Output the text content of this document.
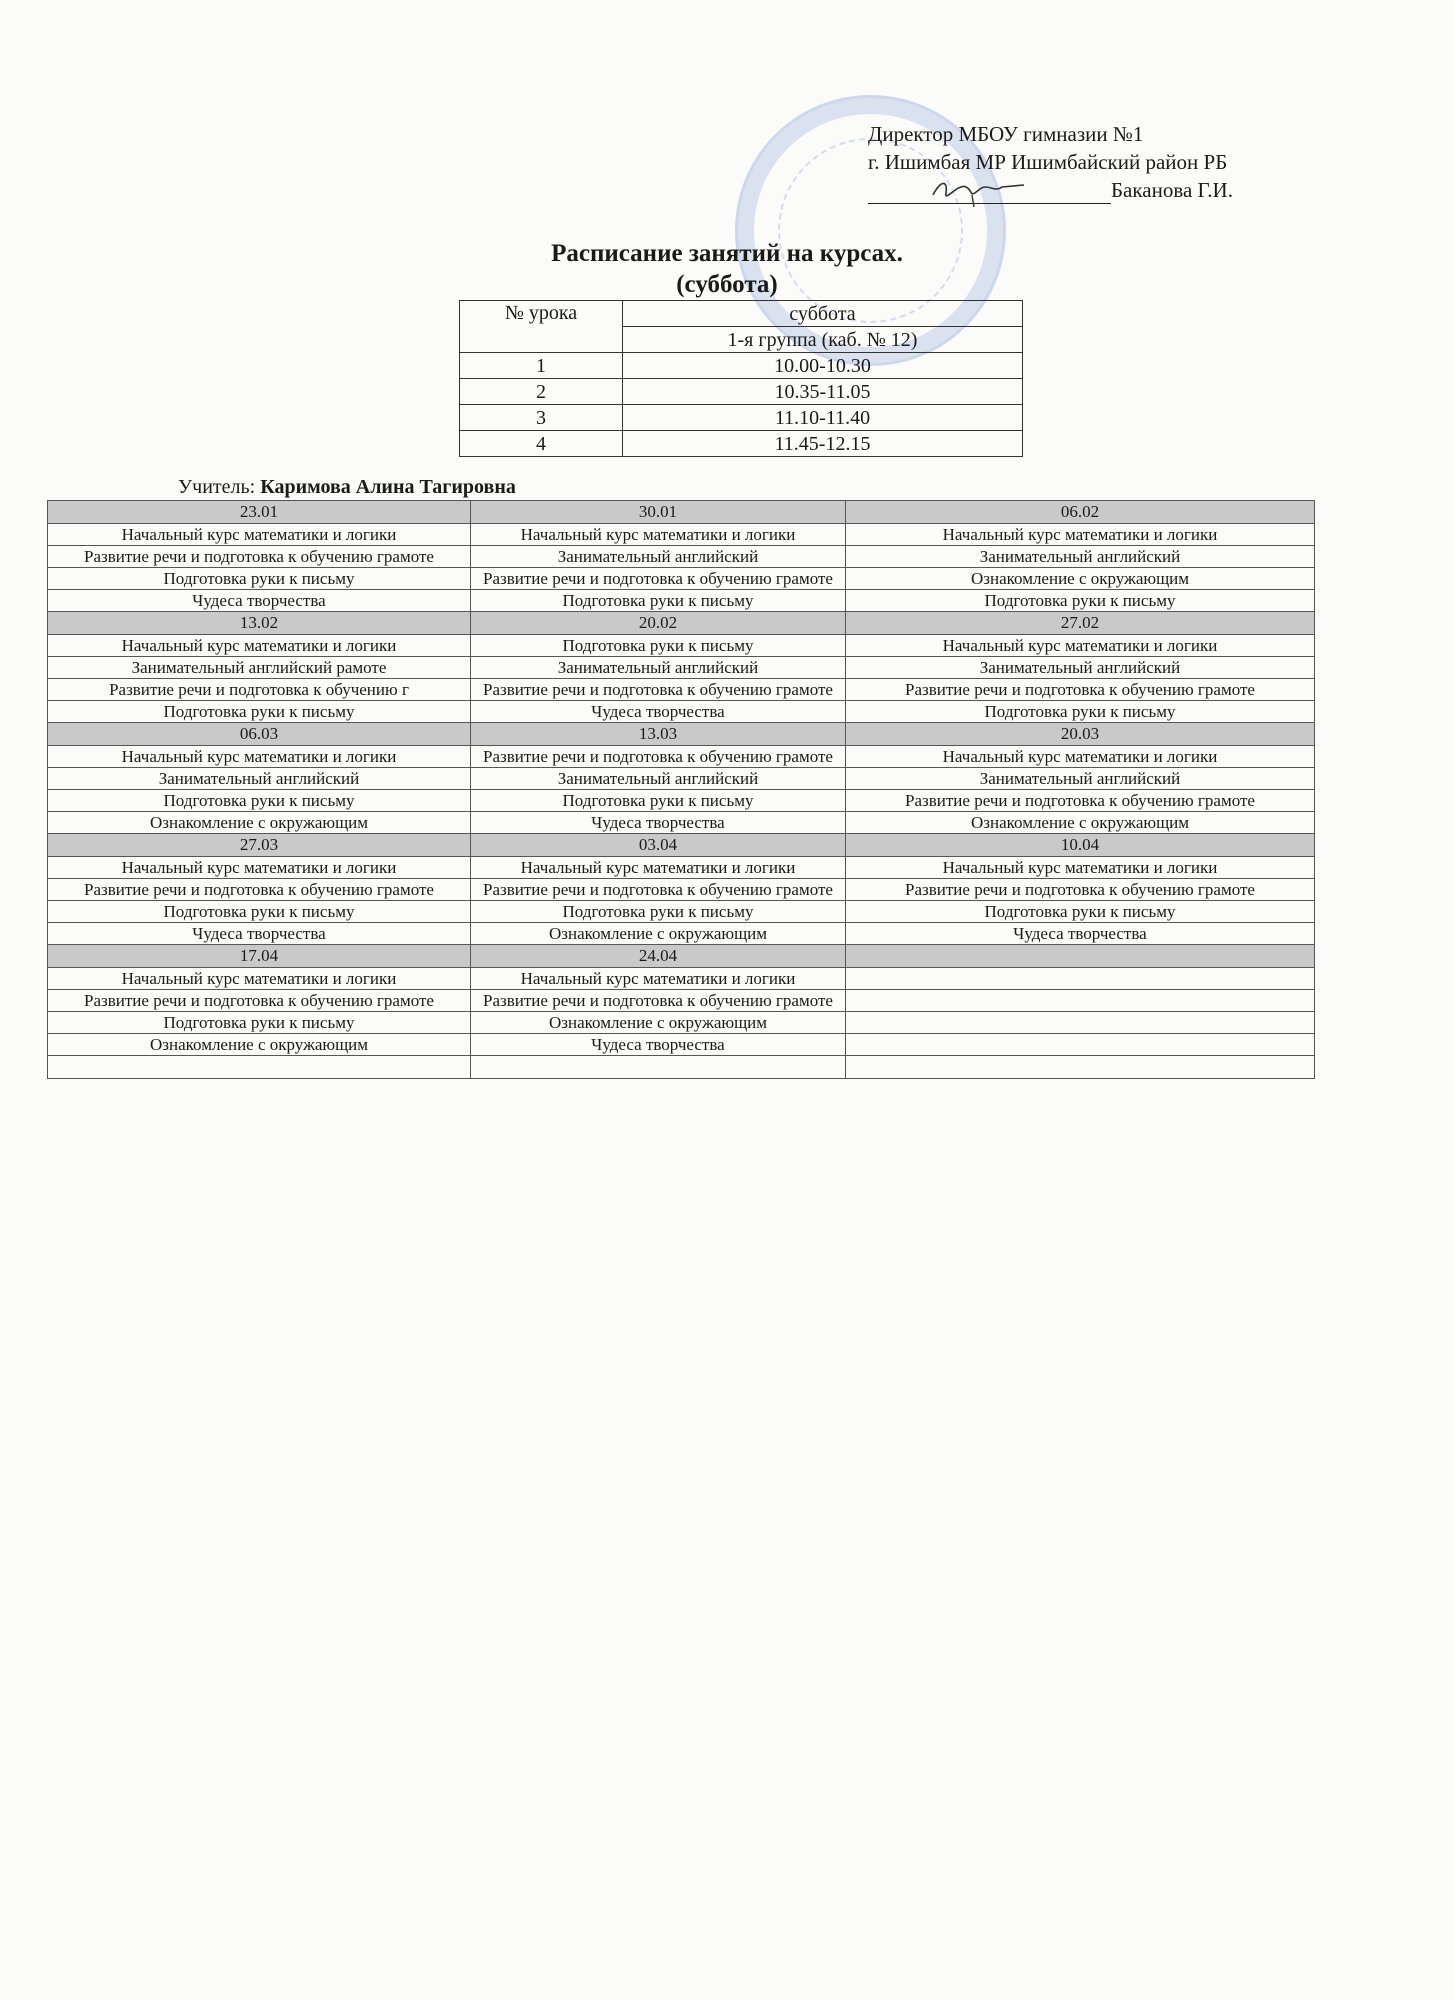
Директор МБОУ гимназии №1
г. Ишимбая МР Ишимбайский район РБ
Баканова Г.И.
Расписание занятий на курсах.
(суббота)
№ урока	суббота
	1-я группа (каб. № 12)
1	10.00-10.30
2	10.35-11.05
3	11.10-11.40
4	11.45-12.15
Учитель: Каримова Алина Тагировна
23.01	30.01	06.02
Начальный курс математики и логики	Начальный курс математики и логики	Начальный курс математики и логики
Развитие речи и подготовка к обучению грамоте	Занимательный английский	Занимательный английский
Подготовка руки к письму	Развитие речи и подготовка к обучению грамоте	Ознакомление с окружающим
Чудеса творчества	Подготовка руки к письму	Подготовка руки к письму
13.02	20.02	27.02
Начальный курс математики и логики	Подготовка руки к письму	Начальный курс математики и логики
Занимательный английский рамоте	Занимательный английский	Занимательный английский
Развитие речи и подготовка к обучению г	Развитие речи и подготовка к обучению грамоте	Развитие речи и подготовка к обучению грамоте
Подготовка руки к письму	Чудеса творчества	Подготовка руки к письму
06.03	13.03	20.03
Начальный курс математики и логики	Развитие речи и подготовка к обучению грамоте	Начальный курс математики и логики
Занимательный английский	Занимательный английский	Занимательный английский
Подготовка руки к письму	Подготовка руки к письму	Развитие речи и подготовка к обучению грамоте
Ознакомление с окружающим	Чудеса творчества	Ознакомление с окружающим
27.03	03.04	10.04
Начальный курс математики и логики	Начальный курс математики и логики	Начальный курс математики и логики
Развитие речи и подготовка к обучению грамоте	Развитие речи и подготовка к обучению грамоте	Развитие речи и подготовка к обучению грамоте
Подготовка руки к письму	Подготовка руки к письму	Подготовка руки к письму
Чудеса творчества	Ознакомление с окружающим	Чудеса творчества
17.04	24.04	
Начальный курс математики и логики	Начальный курс математики и логики	
Развитие речи и подготовка к обучению грамоте	Развитие речи и подготовка к обучению грамоте	
Подготовка руки к письму	Ознакомление с окружающим	
Ознакомление с окружающим	Чудеса творчества	
